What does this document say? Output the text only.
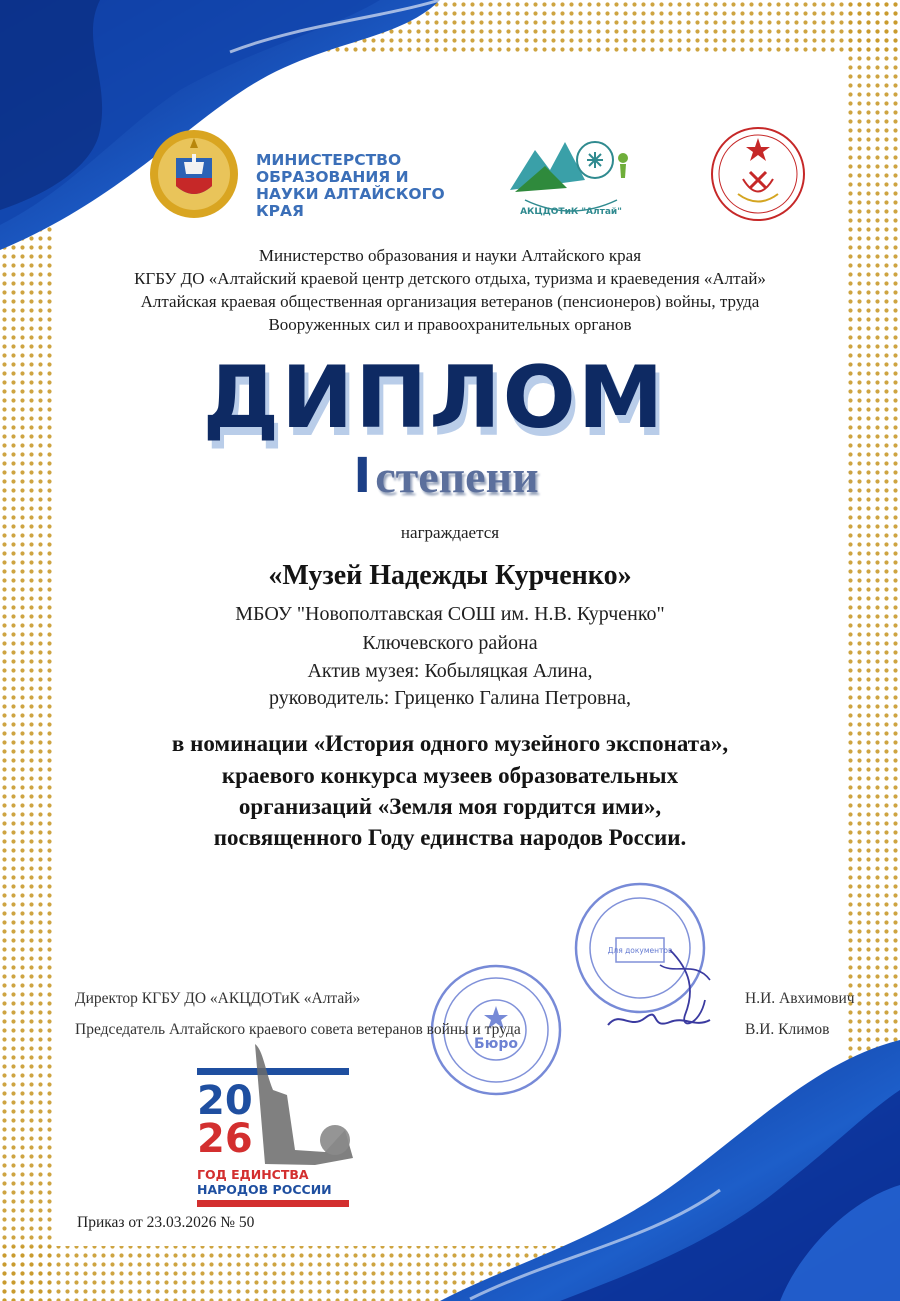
МИНИСТЕРСТВО ОБРАЗОВАНИЯ И НАУКИ АЛТАЙСКОГО КРАЯ	АКЦДОТиК "Алтай"
Министерство образования и науки Алтайского края
КГБУ ДО «Алтайский краевой центр детского отдыха, туризма и краеведения «Алтай»
Алтайская краевая общественная организация ветеранов (пенсионеров) войны, труда
Вооруженных сил и правоохранительных органов
ДИПЛОМ
I степени
награждается
«Музей Надежды Курченко»
МБОУ "Новополтавская СОШ им. Н.В. Курченко"
Ключевского района
Актив музея: Кобыляцкая Алина,
руководитель: Гриценко Галина Петровна,
в номинации «История одного музейного экспоната»,
краевого конкурса музеев образовательных
организаций «Земля моя гордится ими»,
посвященного Году единства народов России.
Бюро
Для документов
Директор КГБУ ДО «АКЦДОТиК «Алтай»	Н.И. Авхимович
Председатель Алтайского краевого совета ветеранов войны и труда	В.И. Климов
20
26
ГОД ЕДИНСТВА
НАРОДОВ РОССИИ
Приказ от 23.03.2026 № 50
